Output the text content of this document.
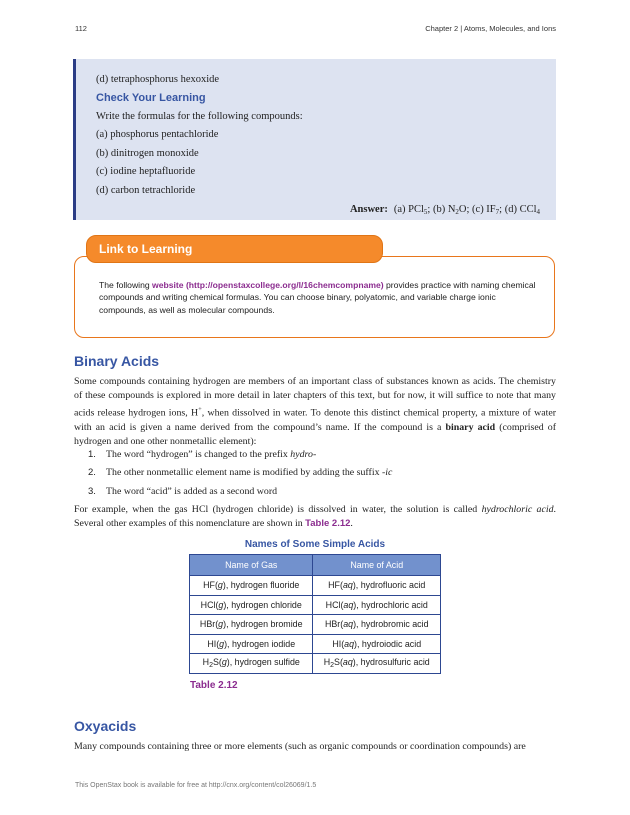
112	Chapter 2 | Atoms, Molecules, and Ions
(d) tetraphosphorus hexoxide
Check Your Learning
Write the formulas for the following compounds:
(a) phosphorus pentachloride
(b) dinitrogen monoxide
(c) iodine heptafluoride
(d) carbon tetrachloride
Answer: (a) PCl$_5$; (b) $N_2O$; (c) $IF_7$; (d) CCl$_4$
The following website (http://openstaxcollege.org/l/16chemcompname) provides practice with naming chemical compounds and writing chemical formulas. You can choose binary, polyatomic, and variable charge ionic compounds, as well as molecular compounds.
Link to Learning
Binary Acids
Some compounds containing hydrogen are members of an important class of substances known as acids. The chemistry of these compounds is explored in more detail in later chapters of this text, but for now, it will suffice to note that many acids release hydrogen ions, H+, when dissolved in water. To denote this distinct chemical property, a mixture of water with an acid is given a name derived from the compound’s name. If the compound is a binary acid (comprised of hydrogen and one other nonmetallic element):
1. The word “hydrogen” is changed to the prefix hydro-
2. The other nonmetallic element name is modified by adding the suffix -ic
3. The word “acid” is added as a second word
For example, when the gas HCl (hydrogen chloride) is dissolved in water, the solution is called hydrochloric acid. Several other examples of this nomenclature are shown in Table 2.12.
Names of Some Simple Acids
Name of Gas	Name of Acid
HF(g), hydrogen fluoride	HF(aq), hydrofluoric acid
HCl(g), hydrogen chloride	HCl(aq), hydrochloric acid
HBr(g), hydrogen bromide	HBr(aq), hydrobromic acid
HI(g), hydrogen iodide	HI(aq), hydroiodic acid
$H_2S(g)$, hydrogen sulfide	$H_2S(aq)$, hydrosulfuric acid
Table 2.12
Oxyacids
Many compounds containing three or more elements (such as organic compounds or coordination compounds) are
This OpenStax book is available for free at http://cnx.org/content/col26069/1.5
